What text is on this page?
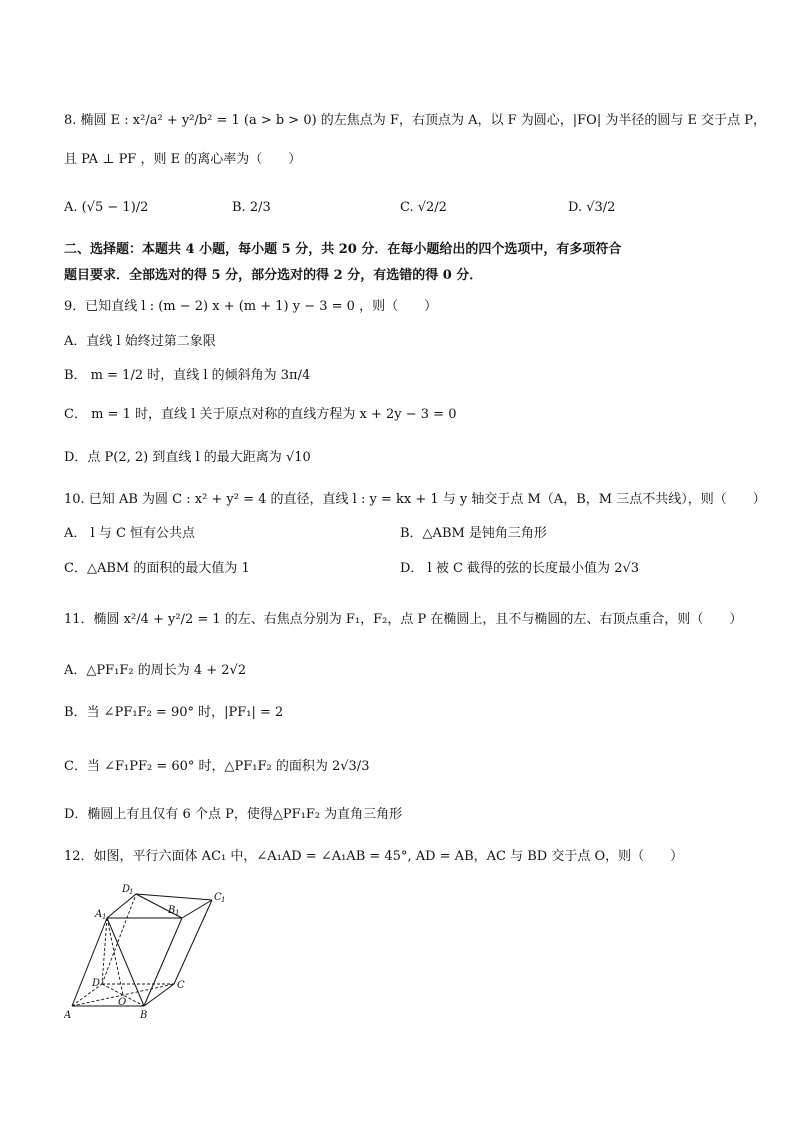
8. 椭圆 E : x²/a² + y²/b² = 1 (a > b > 0) 的左焦点为 F，右顶点为 A，以 F 为圆心，|FO| 为半径的圆与 E 交于点 P，
且 PA ⊥ PF ，则 E 的离心率为（　　）
A. (√5 − 1)/2	B. 2/3	C. √2/2	D. √3/2
二、选择题：本题共 4 小题，每小题 5 分，共 20 分．在每小题给出的四个选项中，有多项符合
题目要求．全部选对的得 5 分，部分选对的得 2 分，有选错的得 0 分．
9．已知直线 l : (m − 2) x + (m + 1) y − 3 = 0 ，则（　　）
A．直线 l 始终过第二象限
B． m = 1/2 时，直线 l 的倾斜角为 3π/4
C． m = 1 时，直线 l 关于原点对称的直线方程为 x + 2y − 3 = 0
D．点 P(2, 2) 到直线 l 的最大距离为 √10
10. 已知 AB 为圆 C : x² + y² = 4 的直径，直线 l : y = kx + 1 与 y 轴交于点 M（A，B，M 三点不共线），则（　　）
A． l 与 C 恒有公共点	B．△ABM 是钝角三角形
C．△ABM 的面积的最大值为 1	D． l 被 C 截得的弦的长度最小值为 2√3
11．椭圆 x²/4 + y²/2 = 1 的左、右焦点分别为 F₁，F₂，点 P 在椭圆上，且不与椭圆的左、右顶点重合，则（　　）
A．△PF₁F₂ 的周长为 4 + 2√2
B．当 ∠PF₁F₂ = 90° 时，|PF₁| = 2
C．当 ∠F₁PF₂ = 60° 时，△PF₁F₂ 的面积为 2√3/3
D．椭圆上有且仅有 6 个点 P，使得△PF₁F₂ 为直角三角形
12．如图，平行六面体 AC₁ 中，∠A₁AD = ∠A₁AB = 45°, AD = AB，AC 与 BD 交于点 O，则（　　）
A	B
C
D
O
A 1
B 1
C 1
D
1
